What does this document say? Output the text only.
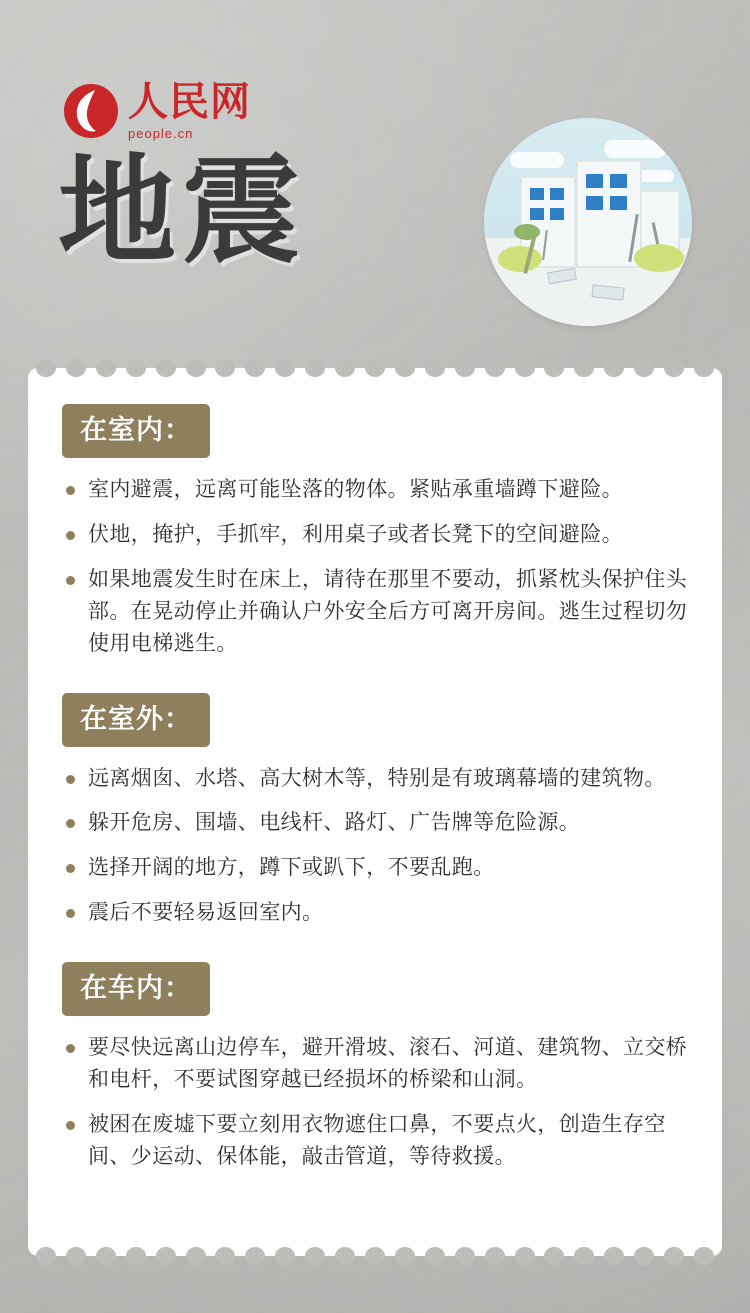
人民网
people.cn
地震
在室内：
室内避震，远离可能坠落的物体。紧贴承重墙蹲下避险。
伏地，掩护，手抓牢，利用桌子或者长凳下的空间避险。
如果地震发生时在床上，请待在那里不要动，抓紧枕头保护住头部。在晃动停止并确认户外安全后方可离开房间。逃生过程切勿使用电梯逃生。
在室外：
远离烟囱、水塔、高大树木等，特别是有玻璃幕墙的建筑物。
躲开危房、围墙、电线杆、路灯、广告牌等危险源。
选择开阔的地方，蹲下或趴下，不要乱跑。
震后不要轻易返回室内。
在车内：
要尽快远离山边停车，避开滑坡、滚石、河道、建筑物、立交桥和电杆，不要试图穿越已经损坏的桥梁和山洞。
被困在废墟下要立刻用衣物遮住口鼻，不要点火，创造生存空间、少运动、保体能，敲击管道，等待救援。
